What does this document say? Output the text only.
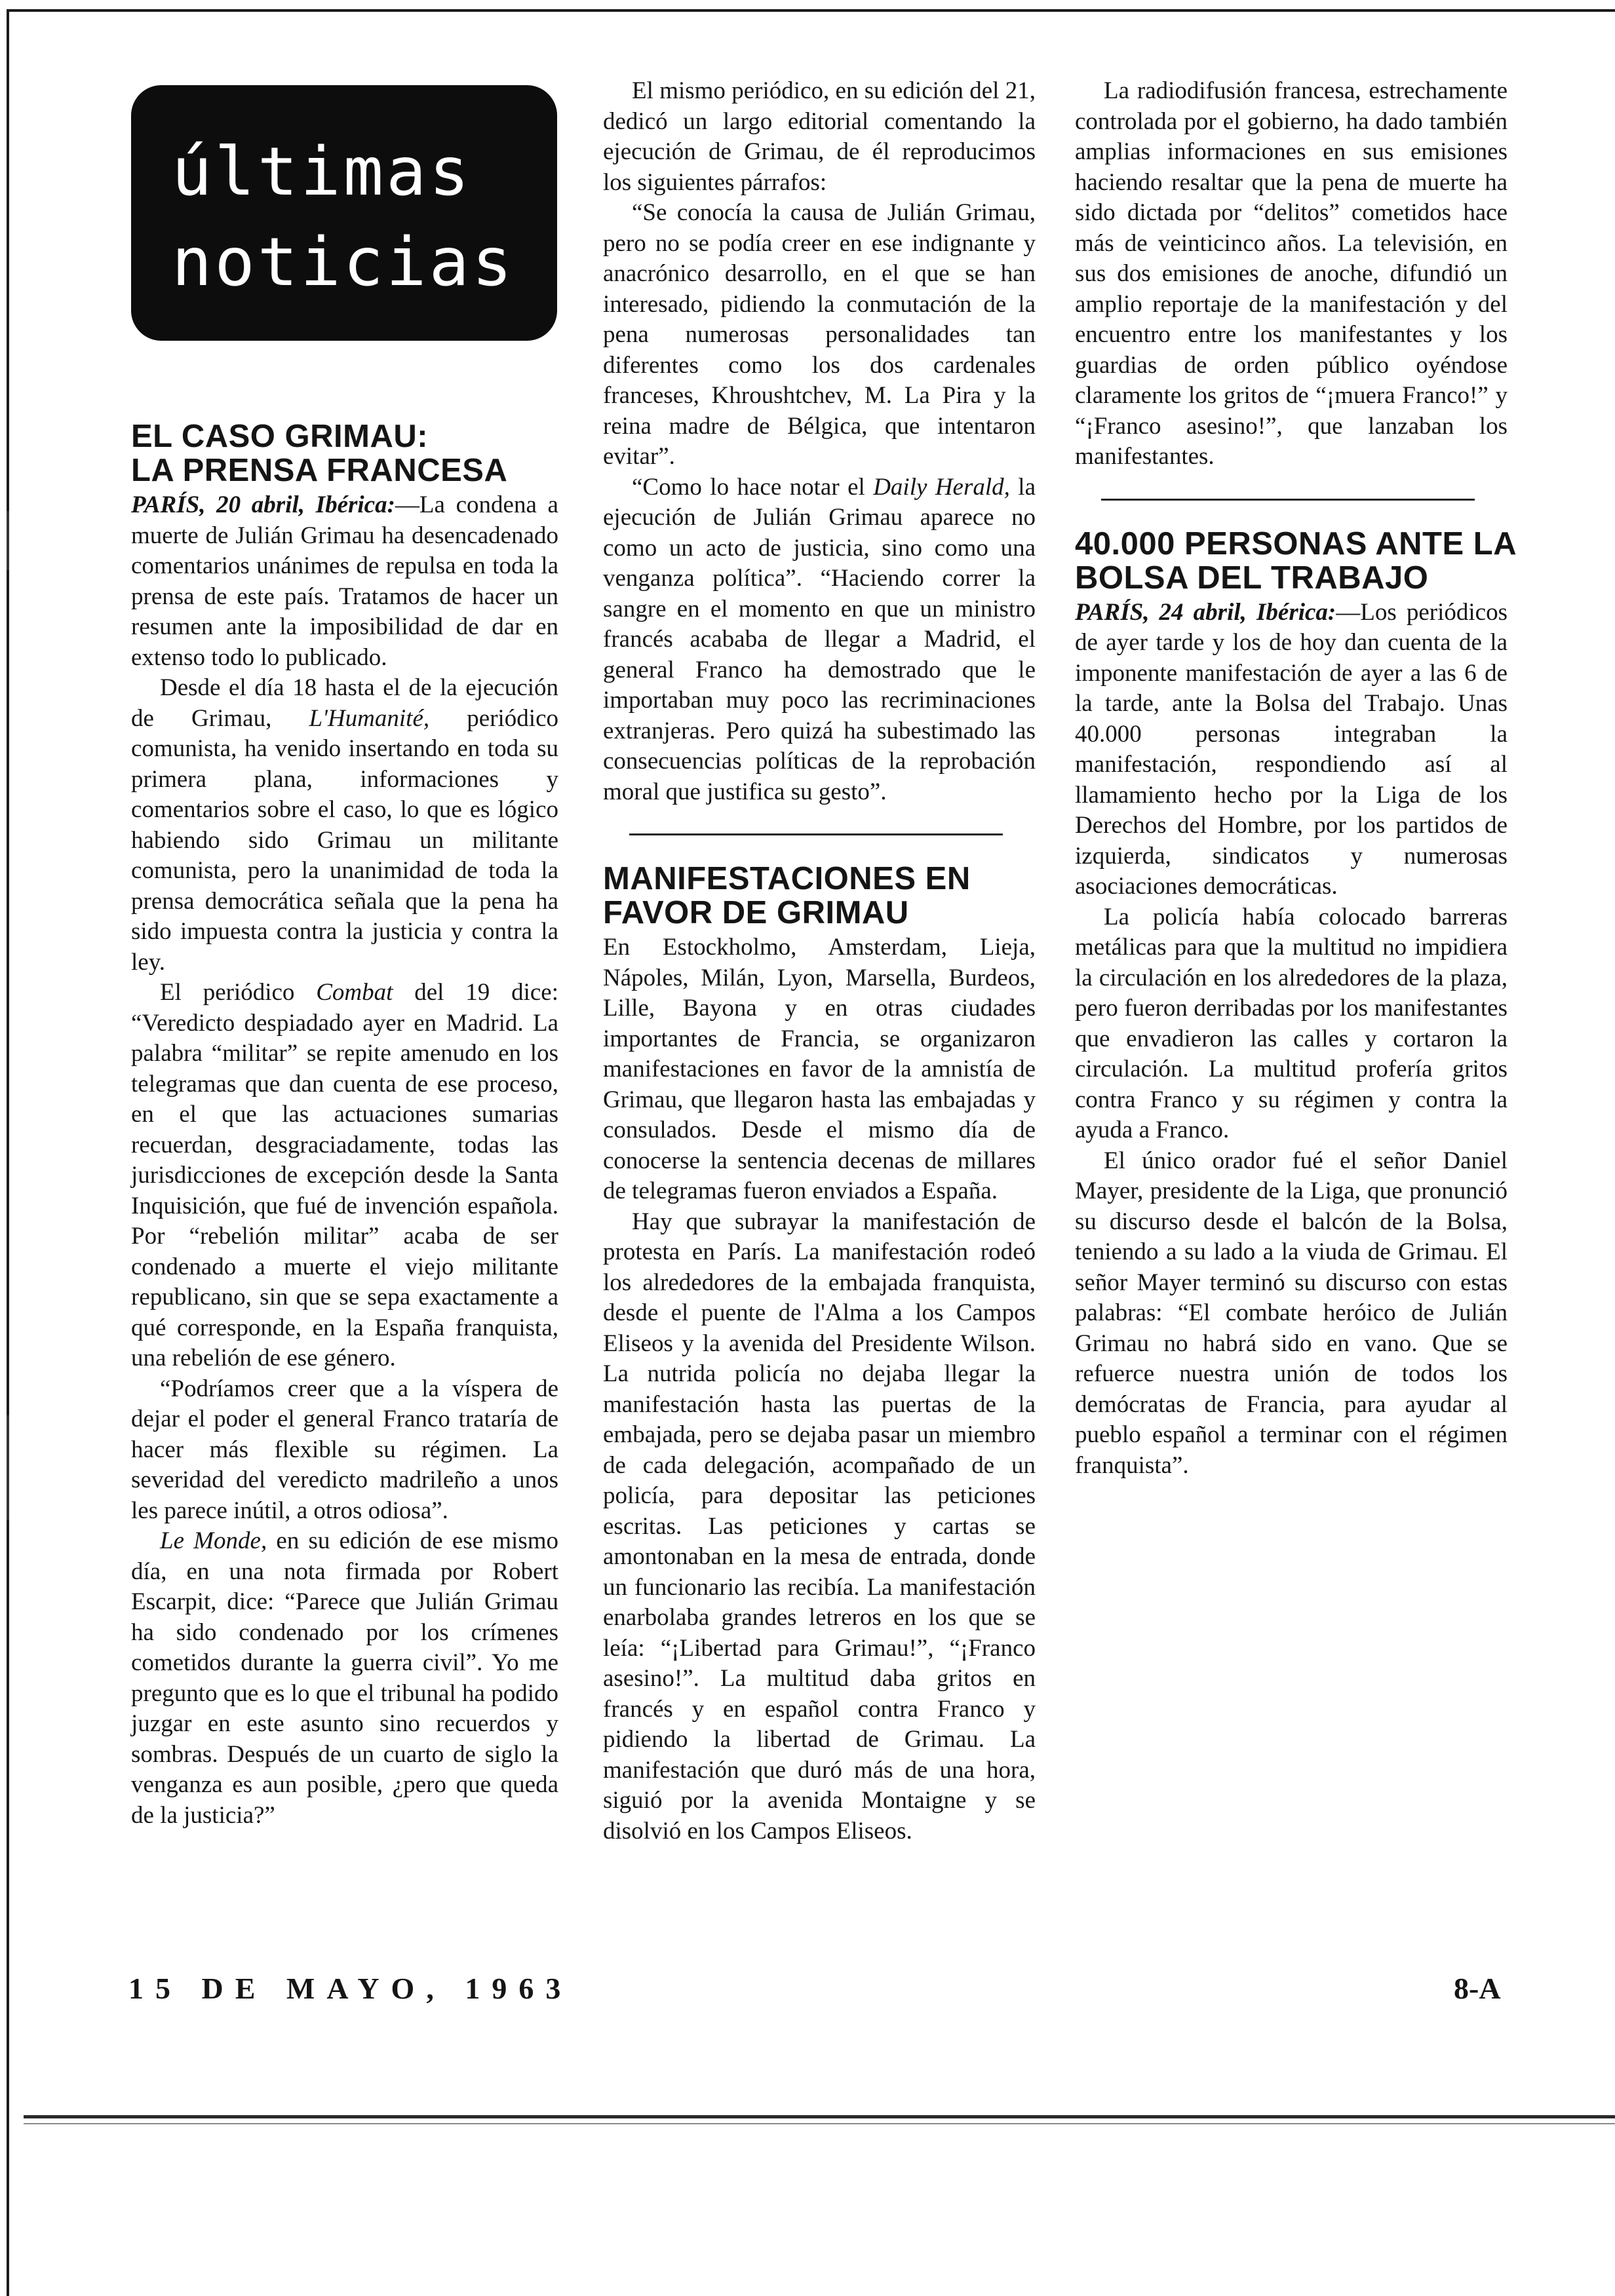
últimas
noticias
EL CASO GRIMAU:
LA PRENSA FRANCESA

PARÍS, 20 abril, Ibérica:—La condena a muerte de Julián Grimau ha desencadenado comentarios unánimes de repulsa en toda la prensa de este país. Tratamos de hacer un resumen ante la imposibilidad de dar en extenso todo lo publicado.

Desde el día 18 hasta el de la ejecución de Grimau, L'Humanité, periódico comunista, ha venido insertando en toda su primera plana, informaciones y comentarios sobre el caso, lo que es lógico habiendo sido Grimau un militante comunista, pero la unanimidad de toda la prensa democrática señala que la pena ha sido impuesta contra la justicia y contra la ley.

El periódico Combat del 19 dice: “Veredicto despiadado ayer en Madrid. La palabra “militar” se repite amenudo en los telegramas que dan cuenta de ese proceso, en el que las actuaciones sumarias recuerdan, desgraciadamente, todas las jurisdicciones de excepción desde la Santa Inquisición, que fué de invención española. Por “rebelión militar” acaba de ser condenado a muerte el viejo militante republicano, sin que se sepa exactamente a qué corresponde, en la España franquista, una rebelión de ese género.

“Podríamos creer que a la víspera de dejar el poder el general Franco trataría de hacer más flexible su régimen. La severidad del veredicto madrileño a unos les parece inútil, a otros odiosa”.

Le Monde, en su edición de ese mismo día, en una nota firmada por Robert Escarpit, dice: “Parece que Julián Grimau ha sido condenado por los crímenes cometidos durante la guerra civil”. Yo me pregunto que es lo que el tribunal ha podido juzgar en este asunto sino recuerdos y sombras. Después de un cuarto de siglo la venganza es aun posible, ¿pero que queda de la justicia?”

El mismo periódico, en su edición del 21, dedicó un largo editorial comentando la ejecución de Grimau, de él reproducimos los siguientes párrafos:

“Se conocía la causa de Julián Grimau, pero no se podía creer en ese indignante y anacrónico desarrollo, en el que se han interesado, pidiendo la conmutación de la pena numerosas personalidades tan diferentes como los dos cardenales franceses, Khroushtchev, M. La Pira y la reina madre de Bélgica, que intentaron evitar”.

“Como lo hace notar el Daily Herald, la ejecución de Julián Grimau aparece no como un acto de justicia, sino como una venganza política”. “Haciendo correr la sangre en el momento en que un ministro francés acababa de llegar a Madrid, el general Franco ha demostrado que le importaban muy poco las recriminaciones extranjeras. Pero quizá ha subestimado las consecuencias políticas de la reprobación moral que justifica su gesto”.

MANIFESTACIONES EN
FAVOR DE GRIMAU

En Estockholmo, Amsterdam, Lieja, Nápoles, Milán, Lyon, Marsella, Burdeos, Lille, Bayona y en otras ciudades importantes de Francia, se organizaron manifestaciones en favor de la amnistía de Grimau, que llegaron hasta las embajadas y consulados. Desde el mismo día de conocerse la sentencia decenas de millares de telegramas fueron enviados a España.

Hay que subrayar la manifestación de protesta en París. La manifestación rodeó los alrededores de la embajada franquista, desde el puente de l'Alma a los Campos Eliseos y la avenida del Presidente Wilson. La nutrida policía no dejaba llegar la manifestación hasta las puertas de la embajada, pero se dejaba pasar un miembro de cada delegación, acompañado de un policía, para depositar las peticiones escritas. Las peticiones y cartas se amontonaban en la mesa de entrada, donde un funcionario las recibía. La manifestación enarbolaba grandes letreros en los que se leía: “¡Libertad para Grimau!”, “¡Franco asesino!”. La multitud daba gritos en francés y en español contra Franco y pidiendo la libertad de Grimau. La manifestación que duró más de una hora, siguió por la avenida Montaigne y se disolvió en los Campos Eliseos.

La radiodifusión francesa, estrechamente controlada por el gobierno, ha dado también amplias informaciones en sus emisiones haciendo resaltar que la pena de muerte ha sido dictada por “delitos” cometidos hace más de veinticinco años. La televisión, en sus dos emisiones de anoche, difundió un amplio reportaje de la manifestación y del encuentro entre los manifestantes y los guardias de orden público oyéndose claramente los gritos de “¡muera Franco!” y “¡Franco asesino!”, que lanzaban los manifestantes.

40.000 PERSONAS ANTE LA
BOLSA DEL TRABAJO

PARÍS, 24 abril, Ibérica:—Los periódicos de ayer tarde y los de hoy dan cuenta de la imponente manifestación de ayer a las 6 de la tarde, ante la Bolsa del Trabajo. Unas 40.000 personas integraban la manifestación, respondiendo así al llamamiento hecho por la Liga de los Derechos del Hombre, por los partidos de izquierda, sindicatos y numerosas asociaciones democráticas.

La policía había colocado barreras metálicas para que la multitud no impidiera la circulación en los alrededores de la plaza, pero fueron derribadas por los manifestantes que envadieron las calles y cortaron la circulación. La multitud profería gritos contra Franco y su régimen y contra la ayuda a Franco.

El único orador fué el señor Daniel Mayer, presidente de la Liga, que pronunció su discurso desde el balcón de la Bolsa, teniendo a su lado a la viuda de Grimau. El señor Mayer terminó su discurso con estas palabras: “El combate heróico de Julián Grimau no habrá sido en vano. Que se refuerce nuestra unión de todos los demócratas de Francia, para ayudar al pueblo español a terminar con el régimen franquista”.

15 DE MAYO, 1963	8-A
